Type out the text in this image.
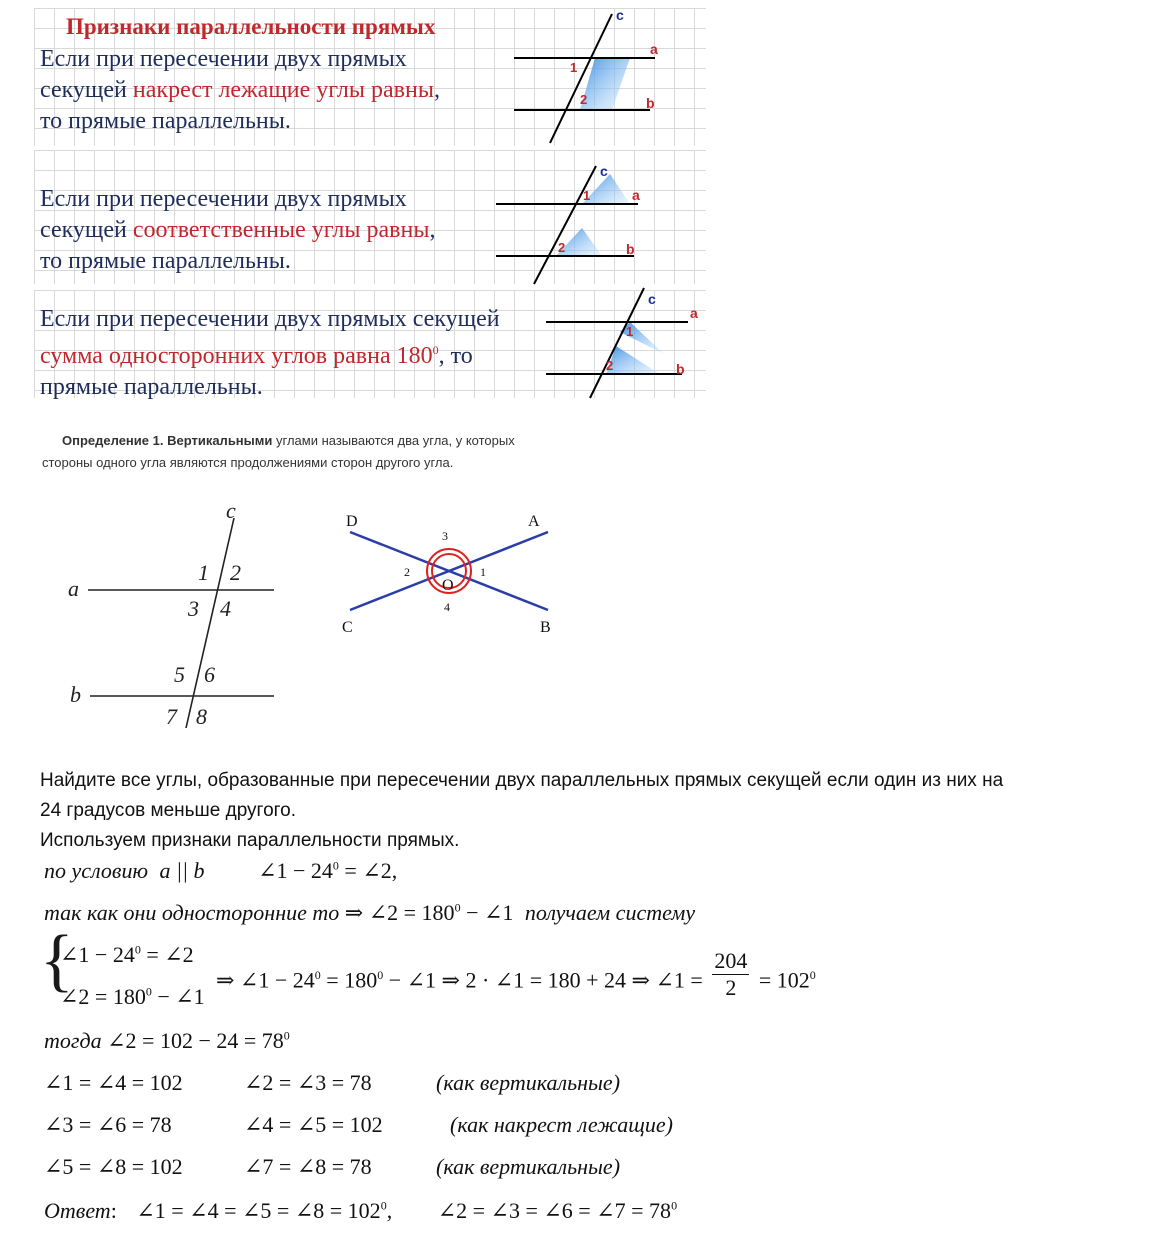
Признаки параллельности прямых
Если при пересечении двух прямых
секущей накрест лежащие углы равны,
то прямые параллельны.
c
a
b
1
2
Если при пересечении двух прямых
секущей соответственные углы равны,
то прямые параллельны.
c
a
b
1
2
Если при пересечении двух прямых секущей
сумма односторонних углов равна $180^0$, то
прямые параллельны.
c
a
b
1
2
Определение 1. Вертикальными углами называются два угла, у которых
стороны одного угла являются продолжениями сторон другого угла.
c
a
b
1 2
3 4
5 6
7 8
D	A
C	B
O
1
2
3
4
Найдите все углы, образованные при пересечении двух параллельных прямых секущей если один из них на
24 градусов меньше другого.
Используем признаки параллельности прямых.
по условию a || b ∠1 − $24^0$ = ∠2,
так как они односторонние то ⇒ ∠2 = $180^0$ − ∠1 получаем систему
{
∠1 − $24^0$ = ∠2
∠2 = $180^0$ − ∠1
⇒ ∠1 − $24^0 = 180^0$ − ∠1 ⇒ 2 · ∠1 = 180 + 24 ⇒ ∠1 = $\frac{204}{2} = 102^0$
тогда ∠2 = $102 - 24 = 78^0$
∠1 = ∠4 = 102	∠2 = ∠3 = 78	(как вертикальные)
∠3 = ∠6 = 78	∠4 = ∠5 = 102	(как накрест лежащие)
∠5 = ∠8 = 102	∠7 = ∠8 = 78	(как вертикальные)
Ответ: ∠1 = ∠4 = ∠5 = ∠8 = $102^0$, ∠2 = ∠3 = ∠6 = ∠7 = $78^0$
